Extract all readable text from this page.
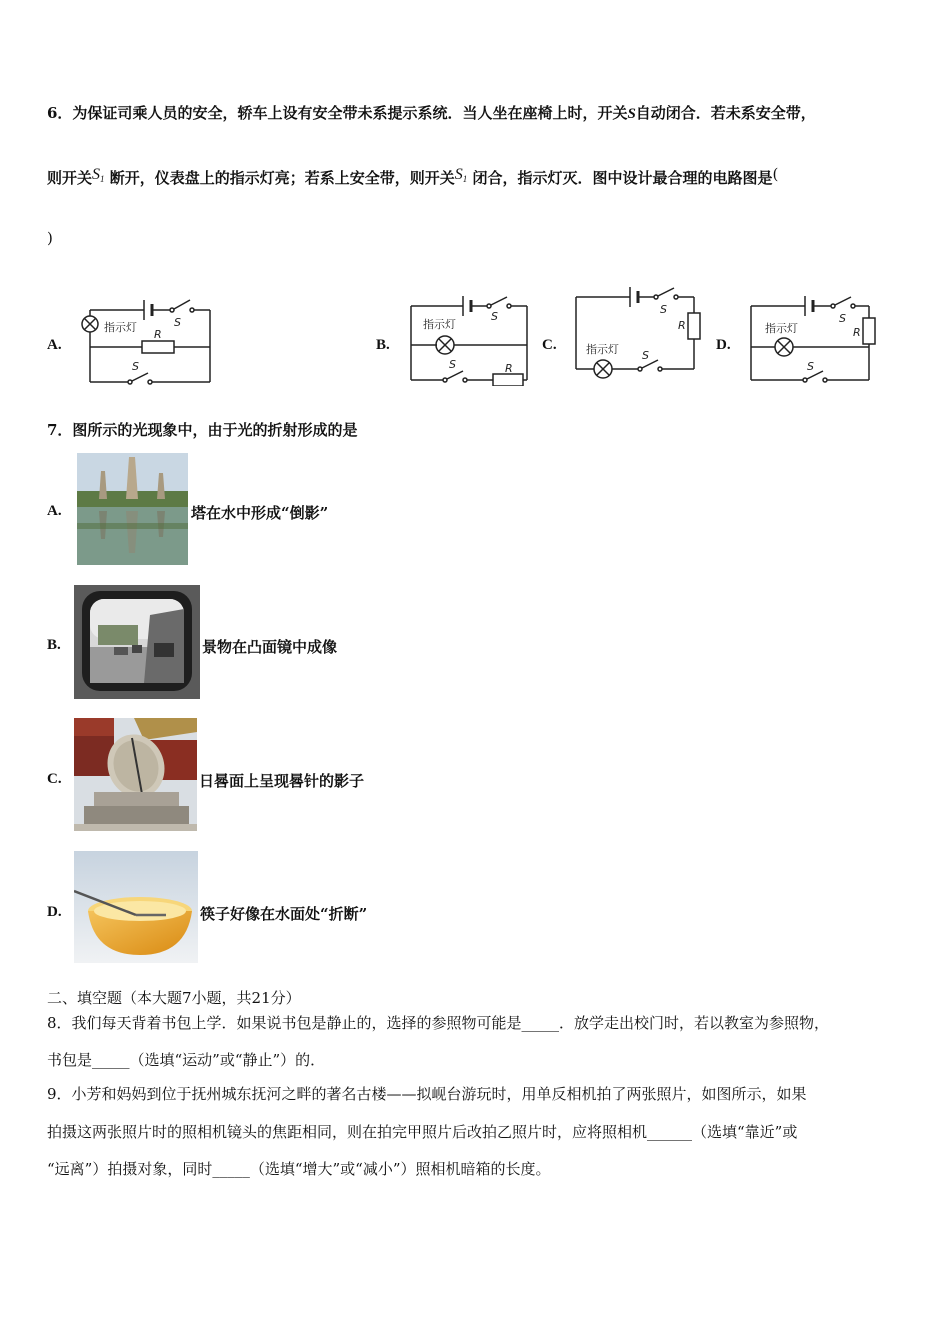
6．为保证司乘人员的安全，轿车上设有安全带未系提示系统．当人坐在座椅上时，开关S自动闭合．若未系安全带，
则开关$S_1$ 断开，仪表盘上的指示灯亮；若系上安全带，则开关$S_1$ 闭合，指示灯灭．图中设计最合理的电路图是(
)
A.
指示灯	S
R
S
B.
指示灯
S
S	R
C.	指示灯
S
R
S
D.
指示灯
S
R
S
7．图所示的光现象中，由于光的折射形成的是
A.	塔在水中形成“倒影”
B.	景物在凸面镜中成像
C.	日晷面上呈现晷针的影子
D.	筷子好像在水面处“折断”
二、填空题（本大题7小题，共21分）
8．我们每天背着书包上学．如果说书包是静止的，选择的参照物可能是_____．放学走出校门时，若以教室为参照物，
书包是_____（选填“运动”或“静止”）的．
9．小芳和妈妈到位于抚州城东抚河之畔的著名古楼——拟岘台游玩时，用单反相机拍了两张照片，如图所示，如果
拍摄这两张照片时的照相机镜头的焦距相同，则在拍完甲照片后改拍乙照片时，应将照相机______（选填“靠近”或
“远离”）拍摄对象，同时_____（选填“增大”或“减小”）照相机暗箱的长度。
